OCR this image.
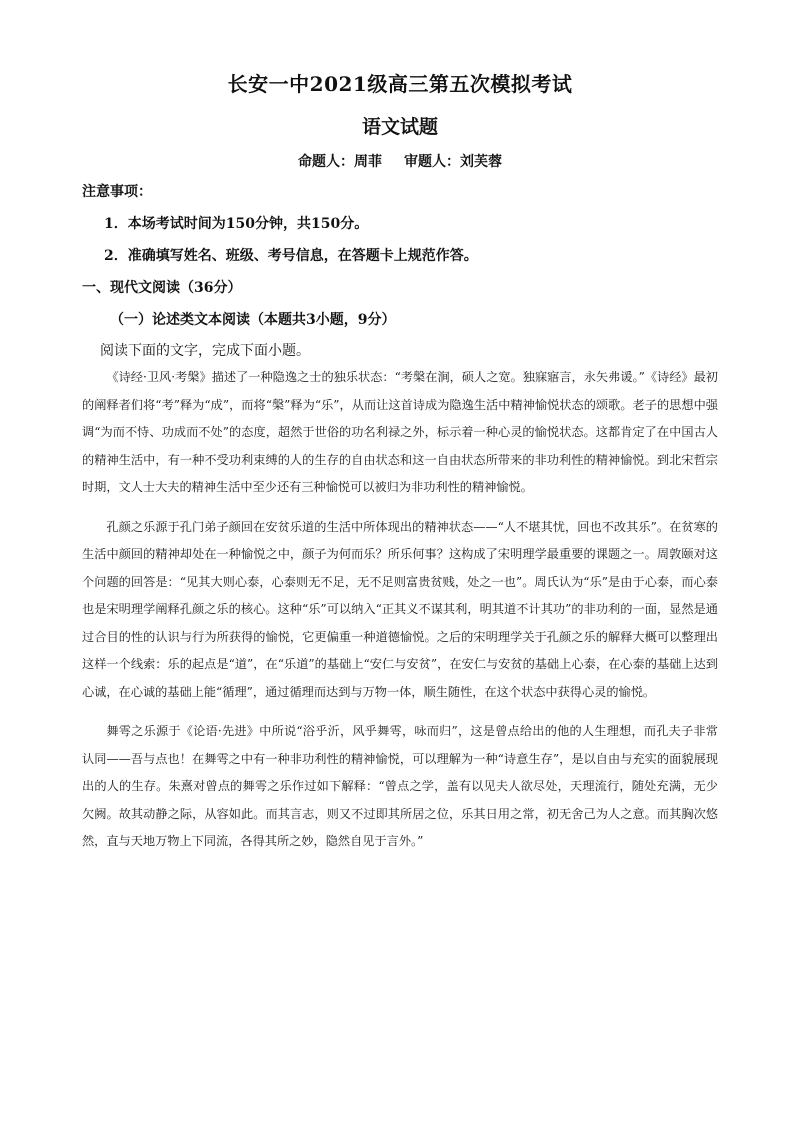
长安一中2021级高三第五次模拟考试
语文试题
命题人：周菲 审题人：刘芙蓉
注意事项：
1．本场考试时间为150分钟，共150分。
2．准确填写姓名、班级、考号信息，在答题卡上规范作答。
一、现代文阅读（36分）
（一）论述类文本阅读（本题共3小题，9分）
阅读下面的文字，完成下面小题。

《诗经·卫风·考槃》描述了一种隐逸之士的独乐状态：“考槃在涧，硕人之宽。独寐寤言，永矢弗谖。”《诗经》最初的阐释者们将“考”释为“成”，而将“槃”释为“乐”，从而让这首诗成为隐逸生活中精神愉悦状态的颂歌。老子的思想中强调“为而不恃、功成而不处”的态度，超然于世俗的功名利禄之外，标示着一种心灵的愉悦状态。这都肯定了在中国古人的精神生活中，有一种不受功利束缚的人的生存的自由状态和这一自由状态所带来的非功利性的精神愉悦。到北宋哲宗时期，文人士大夫的精神生活中至少还有三种愉悦可以被归为非功利性的精神愉悦。

孔颜之乐源于孔门弟子颜回在安贫乐道的生活中所体现出的精神状态——“人不堪其忧，回也不改其乐”。在贫寒的生活中颜回的精神却处在一种愉悦之中，颜子为何而乐？所乐何事？这构成了宋明理学最重要的课题之一。周敦颐对这个问题的回答是：“见其大则心泰，心泰则无不足，无不足则富贵贫贱，处之一也”。周氏认为“乐”是由于心泰，而心泰也是宋明理学阐释孔颜之乐的核心。这种“乐”可以纳入“正其义不谋其利，明其道不计其功”的非功利的一面，显然是通过合目的性的认识与行为所获得的愉悦，它更偏重一种道德愉悦。之后的宋明理学关于孔颜之乐的解释大概可以整理出这样一个线索：乐的起点是“道”，在“乐道”的基础上“安仁与安贫”，在安仁与安贫的基础上心泰，在心泰的基础上达到心诚，在心诚的基础上能“循理”，通过循理而达到与万物一体，顺生随性，在这个状态中获得心灵的愉悦。

舞雩之乐源于《论语·先进》中所说“浴乎沂，风乎舞雩，咏而归”，这是曾点给出的他的人生理想，而孔夫子非常认同——吾与点也！在舞雩之中有一种非功利性的精神愉悦，可以理解为一种“诗意生存”，是以自由与充实的面貌展现出的人的生存。朱熹对曾点的舞雩之乐作过如下解释：“曾点之学，盖有以见夫人欲尽处，天理流行，随处充满，无少欠阙。故其动静之际，从容如此。而其言志，则又不过即其所居之位，乐其日用之常，初无舍己为人之意。而其胸次悠然，直与天地万物上下同流，各得其所之妙，隐然自见于言外。”
